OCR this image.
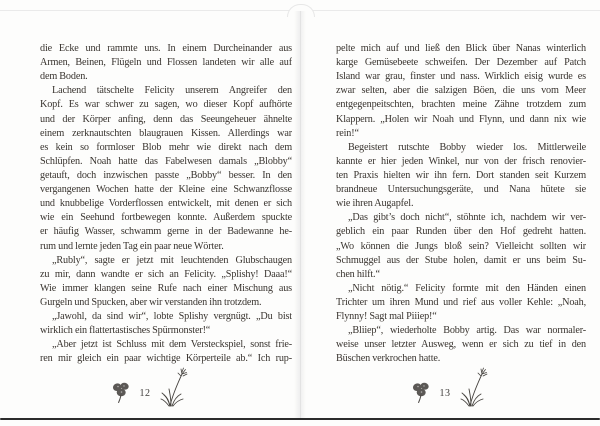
die Ecke und rammte uns. In einem Durcheinander aus
Armen, Beinen, Flügeln und Flossen landeten wir alle auf
dem Boden.
Lachend tätschelte Felicity unserem Angreifer den
Kopf. Es war schwer zu sagen, wo dieser Kopf aufhörte
und der Körper anfing, denn das Seeungeheuer ähnelte
einem zerknautschten blaugrauen Kissen. Allerdings war
es kein so formloser Blob mehr wie direkt nach dem
Schlüpfen. Noah hatte das Fabelwesen damals „Blobby“
getauft, doch inzwischen passte „Bobby“ besser. In den
vergangenen Wochen hatte der Kleine eine Schwanzflosse
und knubbelige Vorderflossen entwickelt, mit denen er sich
wie ein Seehund fortbewegen konnte. Außerdem spuckte
er häufig Wasser, schwamm gerne in der Badewanne he-
rum und lernte jeden Tag ein paar neue Wörter.
„Rubly“, sagte er jetzt mit leuchtenden Glubschaugen
zu mir, dann wandte er sich an Felicity. „Splishy! Daaa!“
Wie immer klangen seine Rufe nach einer Mischung aus
Gurgeln und Spucken, aber wir verstanden ihn trotzdem.
„Jawohl, da sind wir“, lobte Splishy vergnügt. „Du bist
wirklich ein flattertastisches Spürmonster!“
„Aber jetzt ist Schluss mit dem Versteckspiel, sonst frie-
ren mir gleich ein paar wichtige Körperteile ab.“ Ich rup-
12
pelte mich auf und ließ den Blick über Nanas winterlich
karge Gemüsebeete schweifen. Der Dezember auf Patch
Island war grau, finster und nass. Wirklich eisig wurde es
zwar selten, aber die salzigen Böen, die uns vom Meer
entgegenpeitschten, brachten meine Zähne trotzdem zum
Klappern. „Holen wir Noah und Flynn, und dann nix wie
rein!“
Begeistert rutschte Bobby wieder los. Mittlerweile
kannte er hier jeden Winkel, nur von der frisch renovier-
ten Praxis hielten wir ihn fern. Dort standen seit Kurzem
brandneue Untersuchungsgeräte, und Nana hütete sie
wie ihren Augapfel.
„Das gibt’s doch nicht“, stöhnte ich, nachdem wir ver-
geblich ein paar Runden über den Hof gedreht hatten.
„Wo können die Jungs bloß sein? Vielleicht sollten wir
Schmuggel aus der Stube holen, damit er uns beim Su-
chen hilft.“
„Nicht nötig.“ Felicity formte mit den Händen einen
Trichter um ihren Mund und rief aus voller Kehle: „Noah,
Flynny! Sagt mal Piiiep!“
„Bliiep“, wiederholte Bobby artig. Das war normaler-
weise unser letzter Ausweg, wenn er sich zu tief in den
Büschen verkrochen hatte.
13
